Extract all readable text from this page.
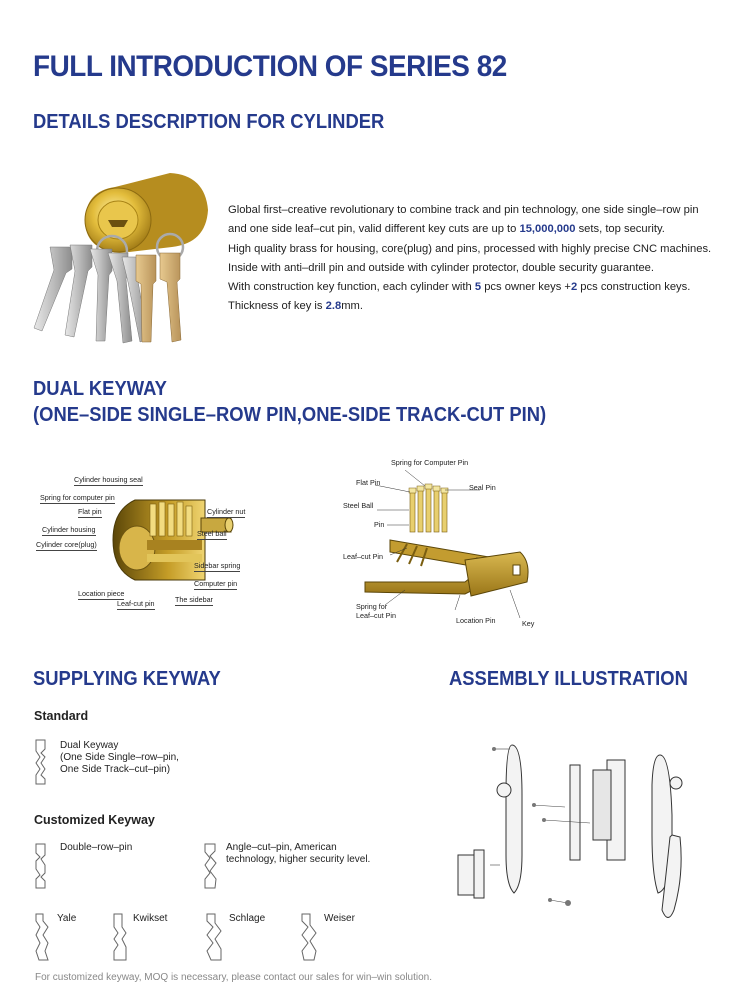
FULL INTRODUCTION OF SERIES 82
DETAILS DESCRIPTION FOR CYLINDER
Global first–creative revolutionary to combine track and pin technology, one side single–row pin
and one side leaf–cut pin, valid different key cuts are up to 15,000,000 sets, top security.
High quality brass for housing, core(plug) and pins, processed with highly precise CNC machines.
Inside with anti–drill pin and outside with cylinder protector, double security guarantee.
With construction key function, each cylinder with 5 pcs owner keys +2 pcs construction keys.
Thickness of key is 2.8mm.
DUAL KEYWAY
(ONE–SIDE SINGLE–ROW PIN,ONE-SIDE TRACK-CUT PIN)
Cylinder housing seal
Spring for computer pin
Flat pin
Cylinder housing
Cylinder core(plug)
Cylinder nut
Steel ball
Sidebar spring
Computer pin
Location piece
Leaf-cut pin	The sidebar
Spring for Computer Pin
Flat Pin
Seal Pin
Steel Ball
Pin
Leaf–cut Pin
Spring for
Leaf–cut Pin
Location Pin	Key
SUPPLYING KEYWAY	ASSEMBLY ILLUSTRATION
Standard
Dual Keyway
(One Side Single–row–pin,
One Side Track–cut–pin)
Customized Keyway
Double–row–pin	Angle–cut–pin, American
technology, higher security level.
Yale	Kwikset	Schlage	Weiser
For customized keyway, MOQ is necessary, please contact our sales for win–win solution.
